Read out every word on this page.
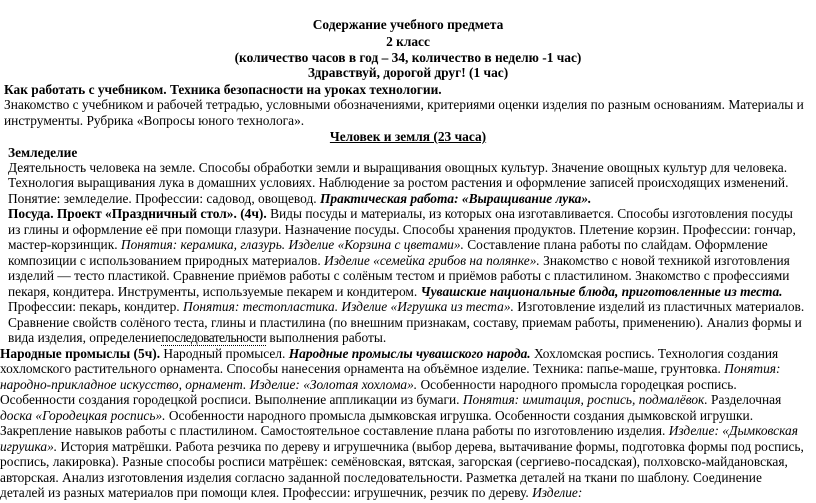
Содержание учебного предмета
2 класс
(количество часов в год – 34, количество в неделю -1 час)
Здравствуй, дорогой друг! (1 час)
Как работать с учебником. Техника безопасности на уроках технологии.
Знакомство с учебником и рабочей тетрадью, условными обозначениями, критериями оценки изделия по разным основаниям. Материалы и
инструменты. Рубрика «Вопросы юного технолога».
Человек и земля (23 часа)
Земледелие
Деятельность человека на земле. Способы обработки земли и выращивания овощных культур. Значение овощных культур для человека.
Технология выращивания лука в домашних условиях. Наблюдение за ростом растения и оформление записей происходящих изменений.
Понятие: земледелие. Профессии: садовод, овощевод. Практическая работа: «Выращивание лука».
Посуда. Проект «Праздничный стол». (4ч). Виды посуды и материалы, из которых она изготавливается. Способы изготовления посуды
из глины и оформление её при помощи глазури. Назначение посуды. Способы хранения продуктов. Плетение корзин. Профессии: гончар,
мастер-корзинщик. Понятия: керамика, глазурь. Изделие «Корзина с цветами». Составление плана работы по слайдам. Оформление
композиции с использованием природных материалов. Изделие «семейка грибов на полянке». Знакомство с новой техникой изготовления
изделий — тесто пластикой. Сравнение приёмов работы с солёным тестом и приёмов работы с пластилином. Знакомство с профессиями
пекаря, кондитера. Инструменты, используемые пекарем и кондитером. Чувашские национальные блюда, приготовленные из теста.
Профессии: пекарь, кондитер. Понятия: тестопластика. Изделие «Игрушка из теста». Изготовление изделий из пластичных материалов.
Сравнение свойств солёного теста, глины и пластилина (по внешним признакам, составу, приемам работы, применению). Анализ формы и
вида изделия, определениепоследовательности выполнения работы.
Народные промыслы (5ч). Народный промысел. Народные промыслы чувашского народа. Хохломская роспись. Технология создания
хохломского растительного орнамента. Способы нанесения орнамента на объёмное изделие. Техника: папье-маше, грунтовка. Понятия:
народно-прикладное искусство, орнамент. Изделие: «Золотая хохлома». Особенности народного промысла городецкая роспись.
Особенности создания городецкой росписи. Выполнение аппликации из бумаги. Понятия: имитация, роспись, подмалёвок. Разделочная
доска «Городецкая роспись». Особенности народного промысла дымковская игрушка. Особенности создания дымковской игрушки.
Закрепление навыков работы с пластилином. Самостоятельное составление плана работы по изготовлению изделия. Изделие: «Дымковская
игрушка». История матрёшки. Работа резчика по дереву и игрушечника (выбор дерева, вытачивание формы, подготовка формы под роспись,
роспись, лакировка). Разные способы росписи матрёшек: семёновская, вятская, загорская (сергиево-посадская), полховско-майдановская,
авторская. Анализ изготовления изделия согласно заданной последовательности. Разметка деталей на ткани по шаблону. Соединение
деталей из разных материалов при помощи клея. Профессии: игрушечник, резчик по дереву. Изделие:
